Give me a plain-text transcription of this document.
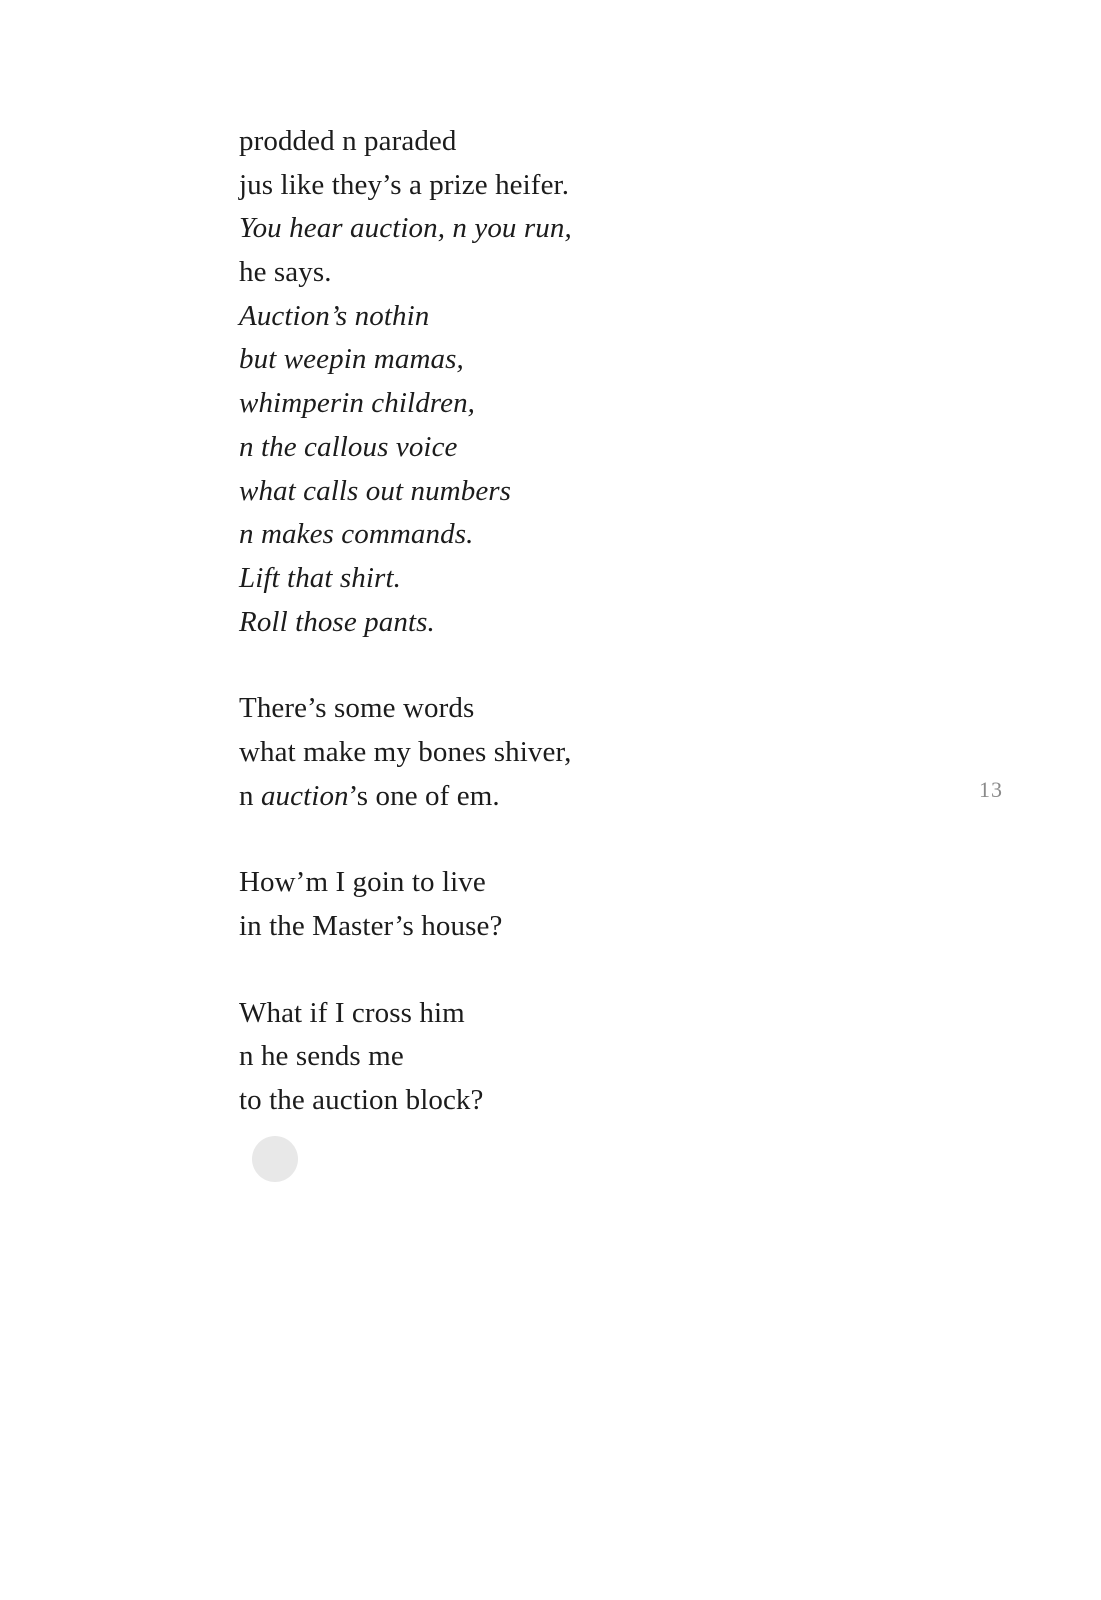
prodded n paraded
jus like they’s a prize heifer.
You hear auction, n you run,
he says.
Auction’s nothin
but weepin mamas,
whimperin children,
n the callous voice
what calls out numbers
n makes commands.
Lift that shirt.
Roll those pants.
There’s some words
what make my bones shiver,
n auction’s one of em.
How’m I goin to live
in the Master’s house?
What if I cross him
n he sends me
to the auction block?
13
